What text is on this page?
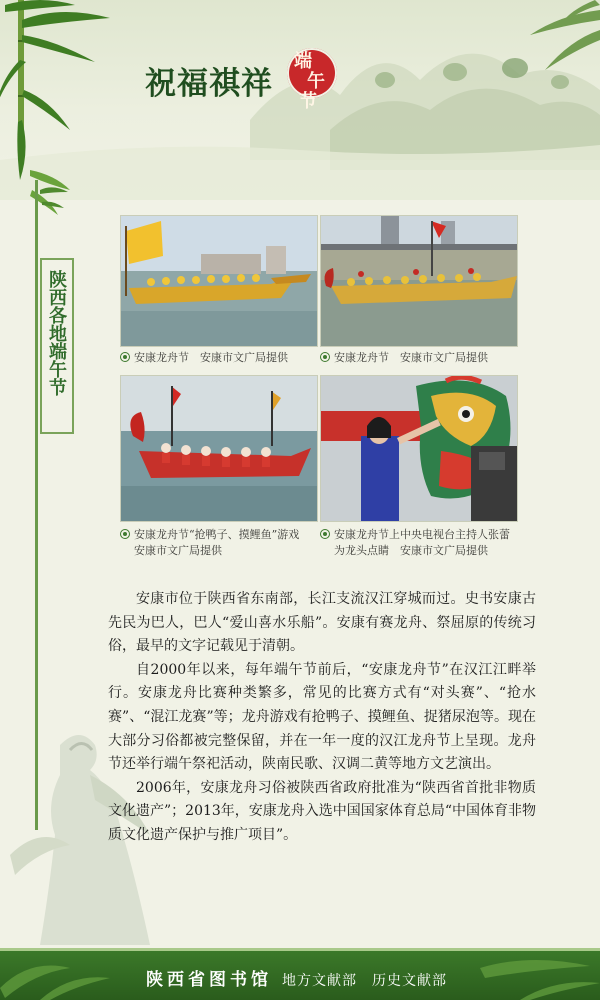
祝福祺祥
端
午
节
陕西各地端午节	安康龙舟节　安康市文广局提供	安康龙舟节　安康市文广局提供
安康龙舟节“抢鸭子、摸鲤鱼”游戏
安康市文广局提供
安康龙舟节上中央电视台主持人张蕾
为龙头点睛　安康市文广局提供

安康市位于陕西省东南部，长江支流汉江穿城而过。史书安康古先民为巴人，巴人“爱山喜水乐船”。安康有赛龙舟、祭屈原的传统习俗，最早的文字记载见于清朝。

自2000年以来，每年端午节前后，“安康龙舟节”在汉江江畔举行。安康龙舟比赛种类繁多，常见的比赛方式有“对头赛”、“抢水赛”、“混江龙赛”等；龙舟游戏有抢鸭子、摸鲤鱼、捉猪尿泡等。现在大部分习俗都被完整保留，并在一年一度的汉江龙舟节上呈现。龙舟节还举行端午祭祀活动，陕南民歌、汉调二黄等地方文艺演出。

2006年，安康龙舟习俗被陕西省政府批准为“陕西省首批非物质文化遗产”；2013年，安康龙舟入选中国国家体育总局“中国体育非物质文化遗产保护与推广项目”。

陕西省图书馆 地方文献部　历史文献部
